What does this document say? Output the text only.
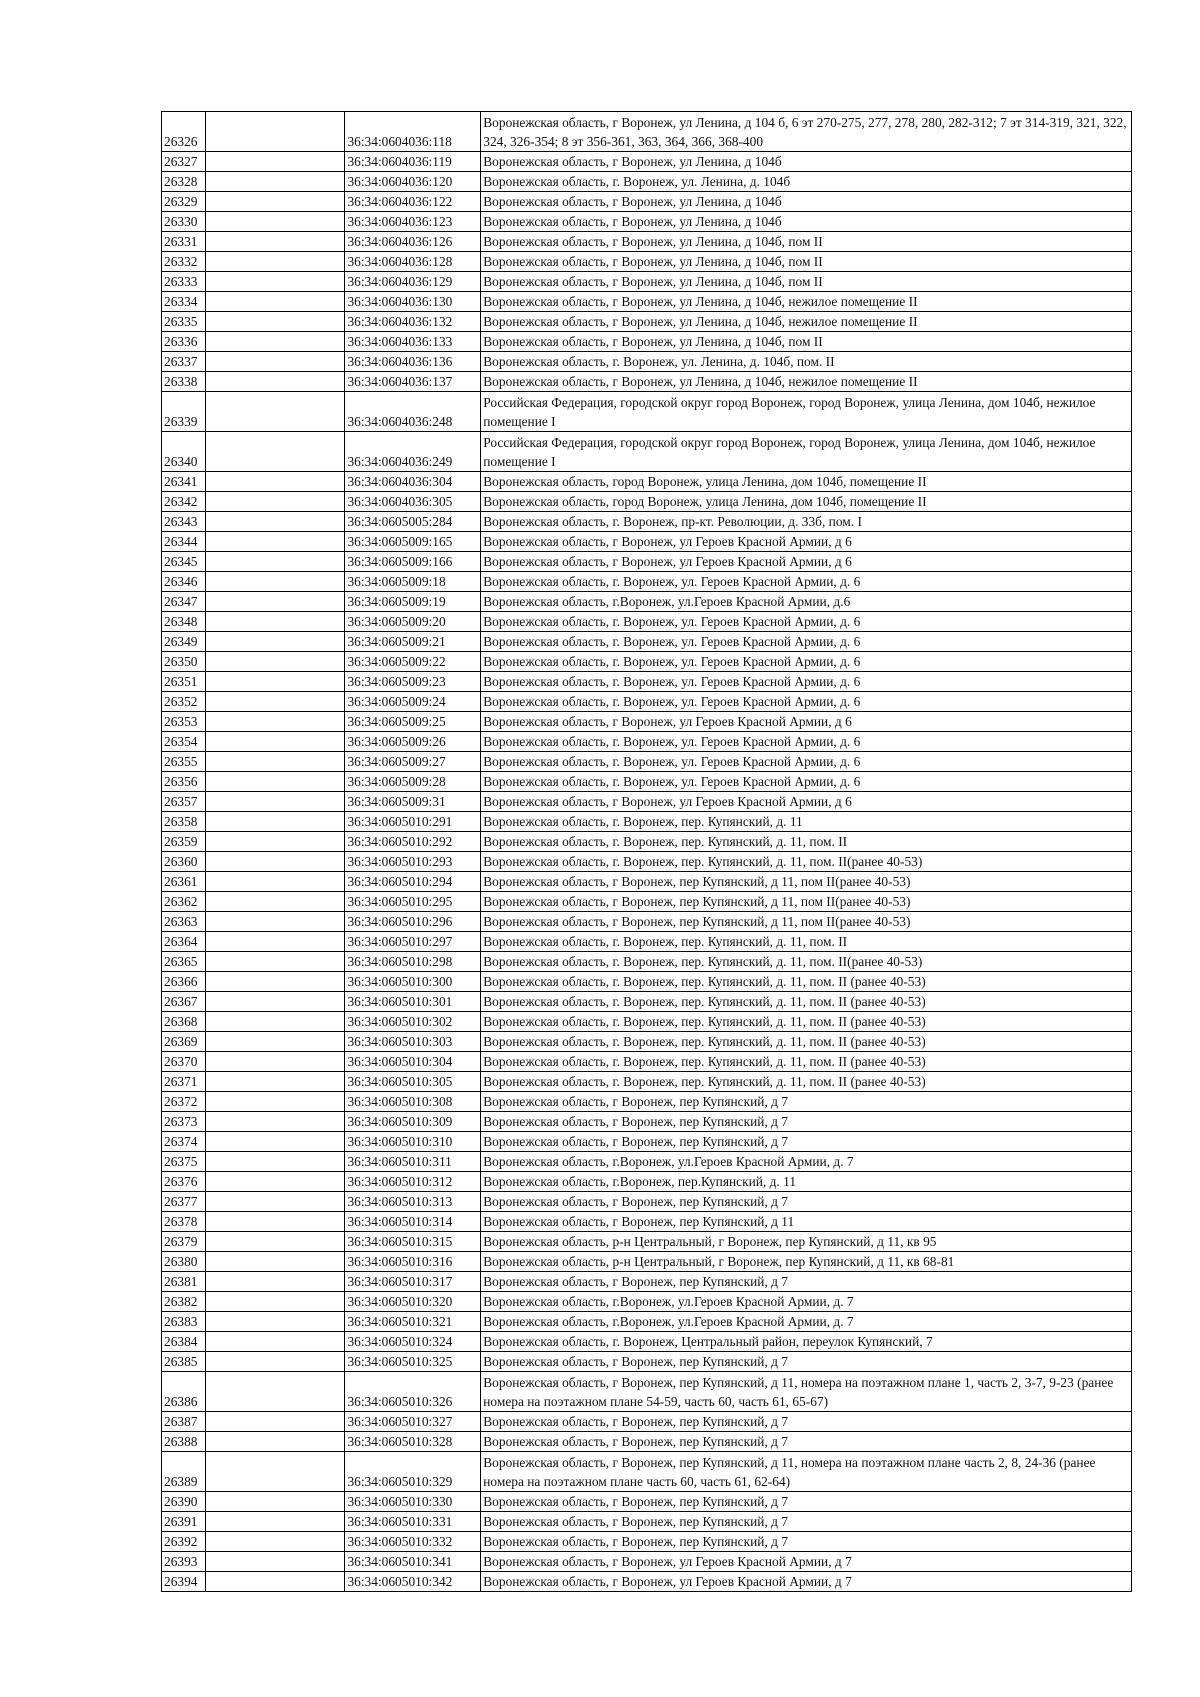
26326		36:34:0604036:118	Воронежская область, г Воронеж, ул Ленина, д 104 б, 6 эт 270-275, 277, 278, 280, 282-312; 7 эт 314-319, 321, 322, 324, 326-354; 8 эт 356-361, 363, 364, 366, 368-400
26327		36:34:0604036:119	Воронежская область, г Воронеж, ул Ленина, д 104б
26328		36:34:0604036:120	Воронежская область, г. Воронеж, ул. Ленина, д. 104б
26329		36:34:0604036:122	Воронежская область, г Воронеж, ул Ленина, д 104б
26330		36:34:0604036:123	Воронежская область, г Воронеж, ул Ленина, д 104б
26331		36:34:0604036:126	Воронежская область, г Воронеж, ул Ленина, д 104б, пом II
26332		36:34:0604036:128	Воронежская область, г Воронеж, ул Ленина, д 104б, пом II
26333		36:34:0604036:129	Воронежская область, г Воронеж, ул Ленина, д 104б, пом II
26334		36:34:0604036:130	Воронежская область, г Воронеж, ул Ленина, д 104б, нежилое помещение II
26335		36:34:0604036:132	Воронежская область, г Воронеж, ул Ленина, д 104б, нежилое помещение II
26336		36:34:0604036:133	Воронежская область, г Воронеж, ул Ленина, д 104б, пом II
26337		36:34:0604036:136	Воронежская область, г. Воронеж, ул. Ленина, д. 104б, пом. II
26338		36:34:0604036:137	Воронежская область, г Воронеж, ул Ленина, д 104б, нежилое помещение II
26339		36:34:0604036:248	Российская Федерация, городской округ город Воронеж, город Воронеж, улица Ленина, дом 104б, нежилое помещение I
26340		36:34:0604036:249	Российская Федерация, городской округ город Воронеж, город Воронеж, улица Ленина, дом 104б, нежилое помещение I
26341		36:34:0604036:304	Воронежская область, город Воронеж, улица Ленина, дом 104б, помещение II
26342		36:34:0604036:305	Воронежская область, город Воронеж, улица Ленина, дом 104б, помещение II
26343		36:34:0605005:284	Воронежская область, г. Воронеж, пр-кт. Революции, д. 33б, пом. I
26344		36:34:0605009:165	Воронежская область, г Воронеж, ул Героев Красной Армии, д 6
26345		36:34:0605009:166	Воронежская область, г Воронеж, ул Героев Красной Армии, д 6
26346		36:34:0605009:18	Воронежская область, г. Воронеж, ул. Героев Красной Армии, д. 6
26347		36:34:0605009:19	Воронежская область, г.Воронеж, ул.Героев Красной Армии, д.6
26348		36:34:0605009:20	Воронежская область, г. Воронеж, ул. Героев Красной Армии, д. 6
26349		36:34:0605009:21	Воронежская область, г. Воронеж, ул. Героев Красной Армии, д. 6
26350		36:34:0605009:22	Воронежская область, г. Воронеж, ул. Героев Красной Армии, д. 6
26351		36:34:0605009:23	Воронежская область, г. Воронеж, ул. Героев Красной Армии, д. 6
26352		36:34:0605009:24	Воронежская область, г. Воронеж, ул. Героев Красной Армии, д. 6
26353		36:34:0605009:25	Воронежская область, г Воронеж, ул Героев Красной Армии, д 6
26354		36:34:0605009:26	Воронежская область, г. Воронеж, ул. Героев Красной Армии, д. 6
26355		36:34:0605009:27	Воронежская область, г. Воронеж, ул. Героев Красной Армии, д. 6
26356		36:34:0605009:28	Воронежская область, г. Воронеж, ул. Героев Красной Армии, д. 6
26357		36:34:0605009:31	Воронежская область, г Воронеж, ул Героев Красной Армии, д 6
26358		36:34:0605010:291	Воронежская область, г. Воронеж, пер. Купянский, д. 11
26359		36:34:0605010:292	Воронежская область, г. Воронеж, пер. Купянский, д. 11, пом. II
26360		36:34:0605010:293	Воронежская область, г. Воронеж, пер. Купянский, д. 11, пом. II(ранее 40-53)
26361		36:34:0605010:294	Воронежская область, г Воронеж, пер Купянский, д 11, пом II(ранее 40-53)
26362		36:34:0605010:295	Воронежская область, г Воронеж, пер Купянский, д 11, пом II(ранее 40-53)
26363		36:34:0605010:296	Воронежская область, г Воронеж, пер Купянский, д 11, пом II(ранее 40-53)
26364		36:34:0605010:297	Воронежская область, г. Воронеж, пер. Купянский, д. 11, пом. II
26365		36:34:0605010:298	Воронежская область, г. Воронеж, пер. Купянский, д. 11, пом. II(ранее 40-53)
26366		36:34:0605010:300	Воронежская область, г. Воронеж, пер. Купянский, д. 11, пом. II (ранее 40-53)
26367		36:34:0605010:301	Воронежская область, г. Воронеж, пер. Купянский, д. 11, пом. II (ранее 40-53)
26368		36:34:0605010:302	Воронежская область, г. Воронеж, пер. Купянский, д. 11, пом. II (ранее 40-53)
26369		36:34:0605010:303	Воронежская область, г. Воронеж, пер. Купянский, д. 11, пом. II (ранее 40-53)
26370		36:34:0605010:304	Воронежская область, г. Воронеж, пер. Купянский, д. 11, пом. II (ранее 40-53)
26371		36:34:0605010:305	Воронежская область, г. Воронеж, пер. Купянский, д. 11, пом. II (ранее 40-53)
26372		36:34:0605010:308	Воронежская область, г Воронеж, пер Купянский, д 7
26373		36:34:0605010:309	Воронежская область, г Воронеж, пер Купянский, д 7
26374		36:34:0605010:310	Воронежская область, г Воронеж, пер Купянский, д 7
26375		36:34:0605010:311	Воронежская область, г.Воронеж, ул.Героев Красной Армии, д. 7
26376		36:34:0605010:312	Воронежская область, г.Воронеж, пер.Купянский, д. 11
26377		36:34:0605010:313	Воронежская область, г Воронеж, пер Купянский, д 7
26378		36:34:0605010:314	Воронежская область, г Воронеж, пер Купянский, д 11
26379		36:34:0605010:315	Воронежская область, р-н Центральный, г Воронеж, пер Купянский, д 11, кв 95
26380		36:34:0605010:316	Воронежская область, р-н Центральный, г Воронеж, пер Купянский, д 11, кв 68-81
26381		36:34:0605010:317	Воронежская область, г Воронеж, пер Купянский, д 7
26382		36:34:0605010:320	Воронежская область, г.Воронеж, ул.Героев Красной Армии, д. 7
26383		36:34:0605010:321	Воронежская область, г.Воронеж, ул.Героев Красной Армии, д. 7
26384		36:34:0605010:324	Воронежская область, г. Воронеж, Центральный район, переулок Купянский, 7
26385		36:34:0605010:325	Воронежская область, г Воронеж, пер Купянский, д 7
26386		36:34:0605010:326	Воронежская область, г Воронеж, пер Купянский, д 11, номера на поэтажном плане 1, часть 2, 3-7, 9-23 (ранее номера на поэтажном плане 54-59, часть 60, часть 61, 65-67)
26387		36:34:0605010:327	Воронежская область, г Воронеж, пер Купянский, д 7
26388		36:34:0605010:328	Воронежская область, г Воронеж, пер Купянский, д 7
26389		36:34:0605010:329	Воронежская область, г Воронеж, пер Купянский, д 11, номера на поэтажном плане часть 2, 8, 24-36 (ранее номера на поэтажном плане часть 60, часть 61, 62-64)
26390		36:34:0605010:330	Воронежская область, г Воронеж, пер Купянский, д 7
26391		36:34:0605010:331	Воронежская область, г Воронеж, пер Купянский, д 7
26392		36:34:0605010:332	Воронежская область, г Воронеж, пер Купянский, д 7
26393		36:34:0605010:341	Воронежская область, г Воронеж, ул Героев Красной Армии, д 7
26394		36:34:0605010:342	Воронежская область, г Воронеж, ул Героев Красной Армии, д 7
